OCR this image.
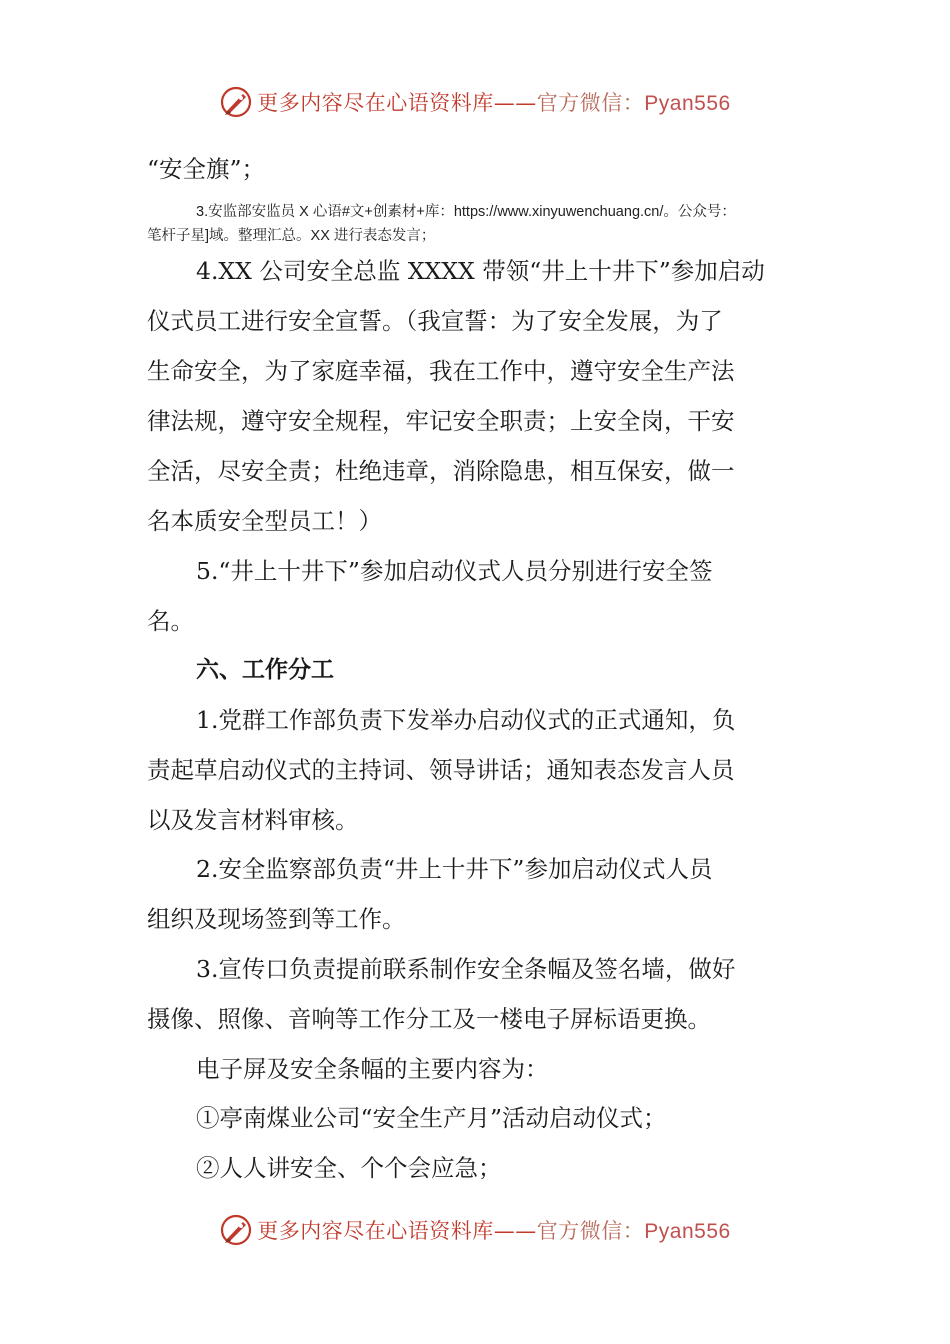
更多内容尽在心语资料库——官方微信：Pyan556
“安全旗”；
3.安监部安监员 X 心语#文+创素材+库：https://www.xinyuwenchuang.cn/。公众号：
笔杆子星]域。整理汇总。XX 进行表态发言；
4.XX 公司安全总监 XXXX 带领“井上十井下”参加启动
仪式员工进行安全宣誓。（我宣誓：为了安全发展，为了
生命安全，为了家庭幸福，我在工作中，遵守安全生产法
律法规，遵守安全规程，牢记安全职责；上安全岗，干安
全活，尽安全责；杜绝违章，消除隐患，相互保安，做一
名本质安全型员工！）
5.“井上十井下”参加启动仪式人员分别进行安全签
名。
六、工作分工
1.党群工作部负责下发举办启动仪式的正式通知，负
责起草启动仪式的主持词、领导讲话；通知表态发言人员
以及发言材料审核。
2.安全监察部负责“井上十井下”参加启动仪式人员
组织及现场签到等工作。
3.宣传口负责提前联系制作安全条幅及签名墙，做好
摄像、照像、音响等工作分工及一楼电子屏标语更换。
电子屏及安全条幅的主要内容为：
①亭南煤业公司“安全生产月”活动启动仪式；
②人人讲安全、个个会应急；
更多内容尽在心语资料库——官方微信：Pyan556
